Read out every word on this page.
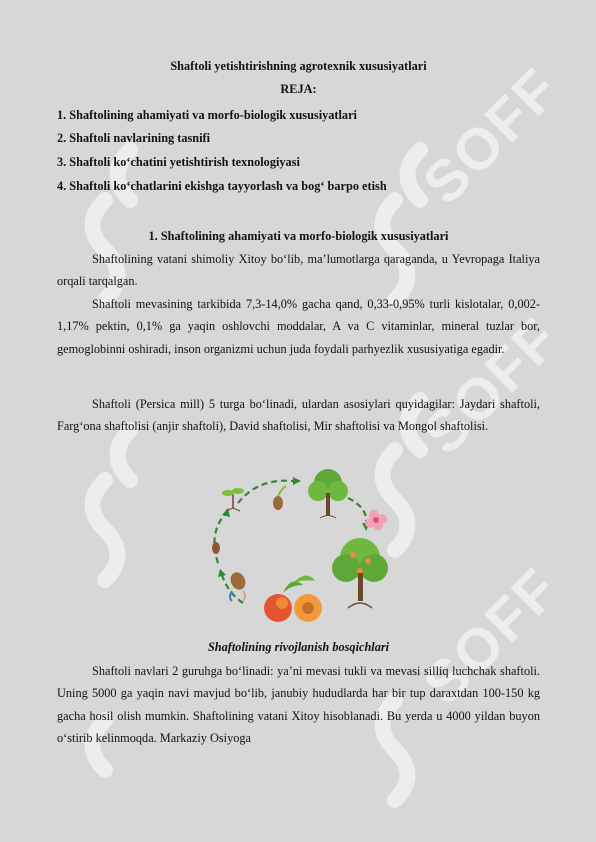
SOFF
SOFF
SOFF
Shaftoli yetishtirishning agrotexnik xususiyatlari
REJA:
1. Shaftolining ahamiyati va morfo-biologik xususiyatlari
2. Shaftoli navlarining tasnifi
3. Shaftoli ko‘chatini yetishtirish texnologiyasi
4. Shaftoli ko‘chatlarini ekishga tayyorlash va bog‘ barpo etish
1. Shaftolining ahamiyati va morfo-biologik xususiyatlari
Shaftolining vatani shimoliy Xitoy bo‘lib, ma’lumotlarga qaraganda, u Yevropaga Italiya orqali tarqalgan.
Shaftoli mevasining tarkibida 7,3-14,0% gacha qand, 0,33-0,95% turli kislotalar, 0,002-1,17% pektin, 0,1% ga yaqin oshlovchi moddalar, A va C vitaminlar, mineral tuzlar bor, gemoglobinni oshiradi, inson organizmi uchun juda foydali parhyezlik xususiyatiga egadir.
Shaftoli (Persica mill) 5 turga bo‘linadi, ulardan asosiylari quyidagilar: Jaydari shaftoli, Farg‘ona shaftolisi (anjir shaftoli), David shaftolisi, Mir shaftolisi va Mongol shaftolisi.
Shaftolining rivojlanish bosqichlari
Shaftoli navlari 2 guruhga bo‘linadi: ya’ni mevasi tukli va mevasi silliq luchchak shaftoli. Uning 5000 ga yaqin navi mavjud bo‘lib, janubiy hududlarda har bir tup daraxtdan 100-150 kg gacha hosil olish mumkin. Shaftolining vatani Xitoy hisoblanadi. Bu yerda u 4000 yildan buyon o‘stirib kelinmoqda. Markaziy Osiyoga
